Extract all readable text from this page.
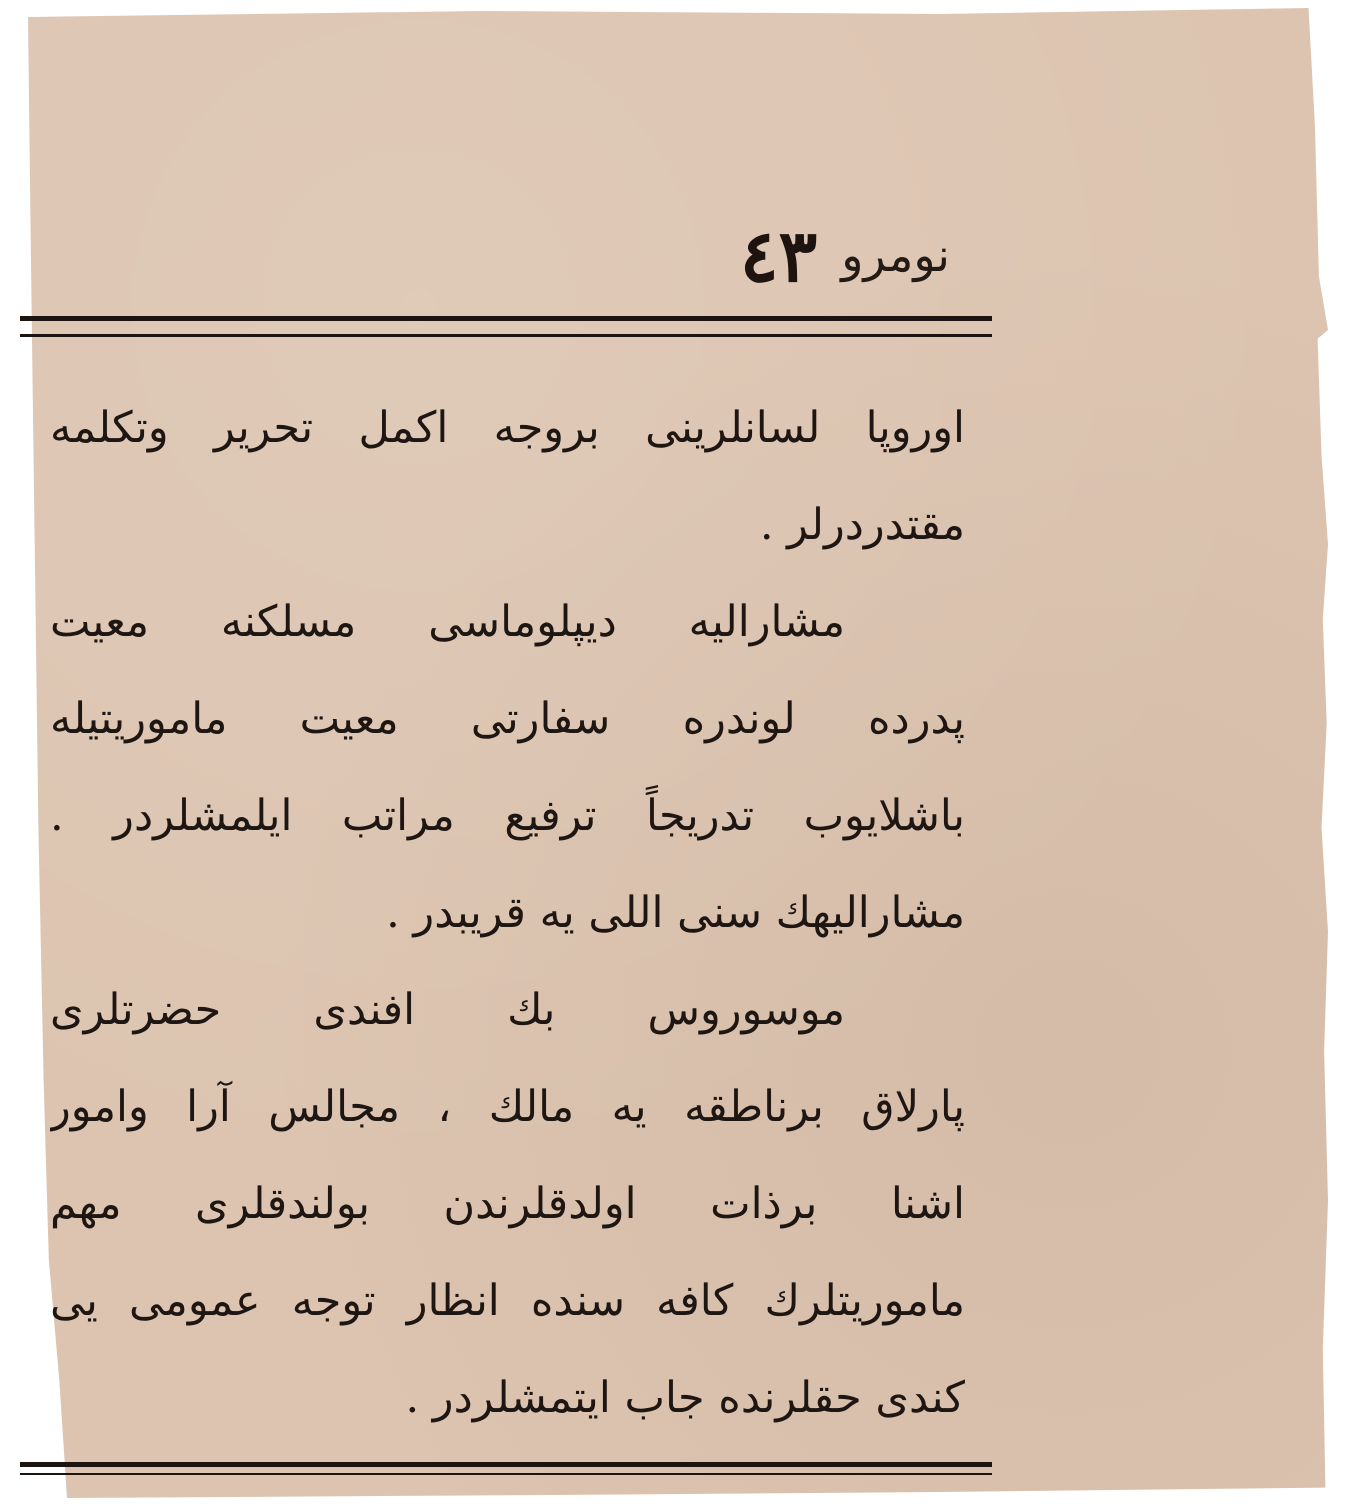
نومرو
٤٣
اوروپا لسانلرینی بروجه اکمل تحریر وتکلمه
مقتدردرلر .
مشارالیه دیپلوماسی مسلکنه معیت
پدرده لوندره سفارتی معیت ماموریتیله
باشلایوب تدریجاً ترفیع مراتب ایلمشلردر .
مشارالیهك سنی اللی یه قریبدر .
موسوروس بك افندی حضرتلری
پارلاق برناطقه یه مالك ، مجالس آرا وامور
اشنا برذات اولدقلرندن بولندقلری مهم
ماموریتلرك کافه سنده انظار توجه عمومی یی
کندی حقلرنده جاب ایتمشلردر .
